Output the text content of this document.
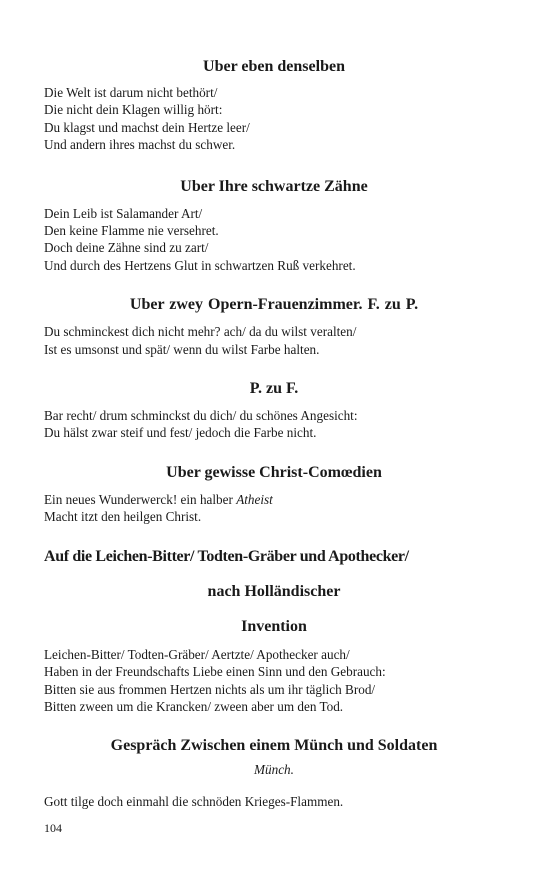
Uber eben denselben
Die Welt ist darum nicht bethört/
Die nicht dein Klagen willig hört:
Du klagst und machst dein Hertze leer/
Und andern ihres machst du schwer.
Uber Ihre schwartze Zähne
Dein Leib ist Salamander Art/
Den keine Flamme nie versehret.
Doch deine Zähne sind zu zart/
Und durch des Hertzens Glut in schwartzen Ruß verkehret.
Uber zwey Opern-Frauenzimmer. F. zu P.
Du schminckest dich nicht mehr? ach/ da du wilst veralten/
Ist es umsonst und spät/ wenn du wilst Farbe halten.
P. zu F.
Bar recht/ drum schminckst du dich/ du schönes Angesicht:
Du hälst zwar steif und fest/ jedoch die Farbe nicht.
Uber gewisse Christ-Comœdien
Ein neues Wunderwerck! ein halber Atheist
Macht itzt den heilgen Christ.
Auf die Leichen-Bitter/ Todten-Gräber und Apothecker/
nach Holländischer
Invention
Leichen-Bitter/ Todten-Gräber/ Aertzte/ Apothecker auch/
Haben in der Freundschafts Liebe einen Sinn und den Gebrauch:
Bitten sie aus frommen Hertzen nichts als um ihr täglich Brod/
Bitten zween um die Krancken/ zween aber um den Tod.
Gespräch Zwischen einem Münch und Soldaten
Münch.
Gott tilge doch einmahl die schnöden Krieges-Flammen.
104
